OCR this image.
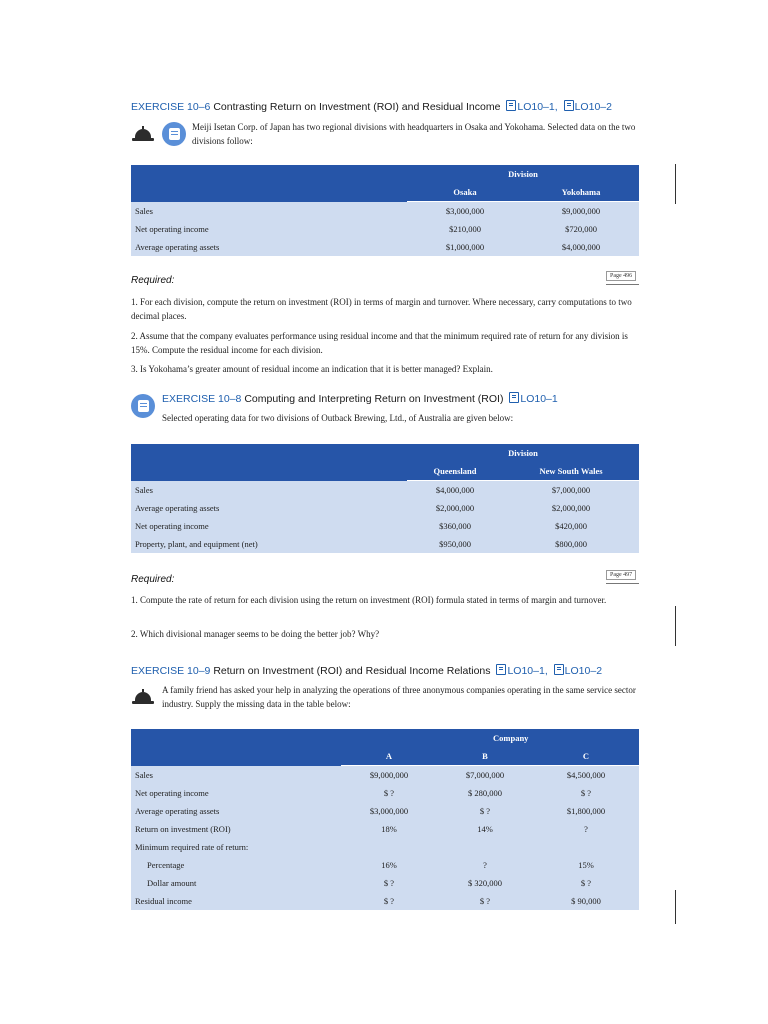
EXERCISE 10–6 Contrasting Return on Investment (ROI) and Residual Income LO10–1, LO10–2
Meiji Isetan Corp. of Japan has two regional divisions with headquarters in Osaka and Yokohama. Selected data on the two divisions follow:
	Division	
	Osaka	Yokohama
Sales	$3,000,000	$9,000,000
Net operating income	$210,000	$720,000
Average operating assets	$1,000,000	$4,000,000
Required:	Page 496
1. For each division, compute the return on investment (ROI) in terms of margin and turnover. Where necessary, carry computations to two decimal places.
2. Assume that the company evaluates performance using residual income and that the minimum required rate of return for any division is 15%. Compute the residual income for each division.
3. Is Yokohama’s greater amount of residual income an indication that it is better managed? Explain.
EXERCISE 10–8 Computing and Interpreting Return on Investment (ROI) LO10–1
Selected operating data for two divisions of Outback Brewing, Ltd., of Australia are given below:
	Division	
	Queensland	New South Wales
Sales	$4,000,000	$7,000,000
Average operating assets	$2,000,000	$2,000,000
Net operating income	$360,000	$420,000
Property, plant, and equipment (net)	$950,000	$800,000
Required:	Page 497
1. Compute the rate of return for each division using the return on investment (ROI) formula stated in terms of margin and turnover.
2. Which divisional manager seems to be doing the better job? Why?
EXERCISE 10–9 Return on Investment (ROI) and Residual Income Relations LO10–1, LO10–2
A family friend has asked your help in analyzing the operations of three anonymous companies operating in the same service sector industry. Supply the missing data in the table below:
		Company	
	A	B	C
Sales	$9,000,000	$7,000,000	$4,500,000
Net operating income	$ ?	$ 280,000	$ ?
Average operating assets	$3,000,000	$ ?	$1,800,000
Return on investment (ROI)	18%	14%	?
Minimum required rate of return:			
Percentage	16%	?	15%
Dollar amount	$ ?	$ 320,000	$ ?
Residual income	$ ?	$ ?	$ 90,000
